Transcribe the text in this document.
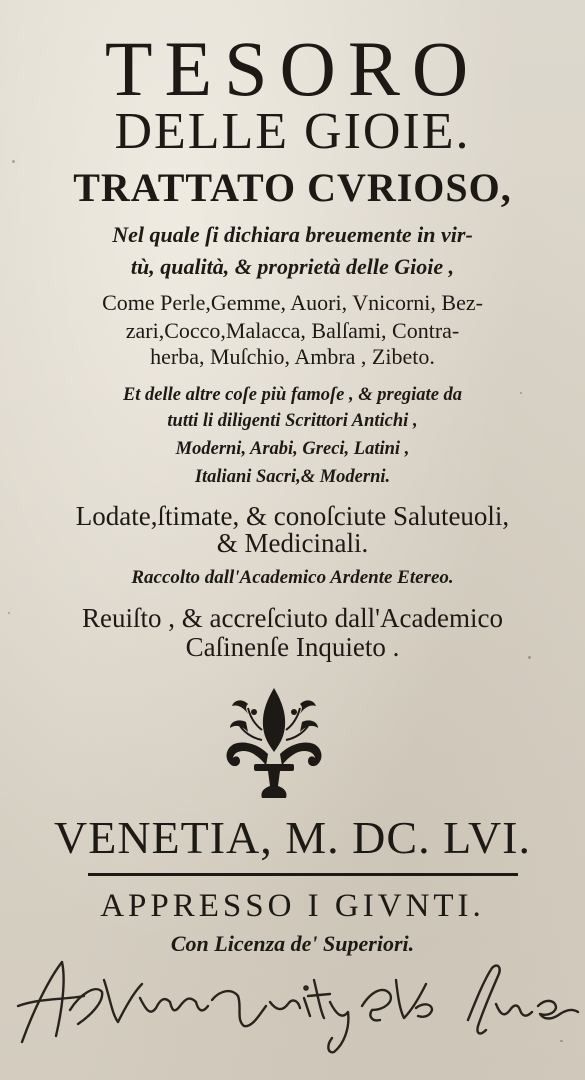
TESORO
DELLE GIOIE.
TRATTATO CVRIOSO,
Nel quale ſi dichiara breuemente in vir-
tù, qualità, & proprietà delle Gioie ,
Come Perle,Gemme, Auori, Vnicorni, Bez-
zari,Cocco,Malacca, Balſami, Contra-
herba, Muſchio, Ambra , Zibeto.
Et delle altre coſe più famoſe , & pregiate da
tutti li diligenti Scrittori Antichi ,
Moderni, Arabi, Greci, Latini ,
Italiani Sacri,& Moderni.
Lodate,ſtimate, & conoſciute Saluteuoli,
& Medicinali.
Raccolto dall'Academico Ardente Etereo.
Reuiſto , & accreſciuto dall'Academico
Caſinenſe Inquieto .
VENETIA, M. DC. LVI.
APPRESSO I GIVNTI.
Con Licenza de' Superiori.
